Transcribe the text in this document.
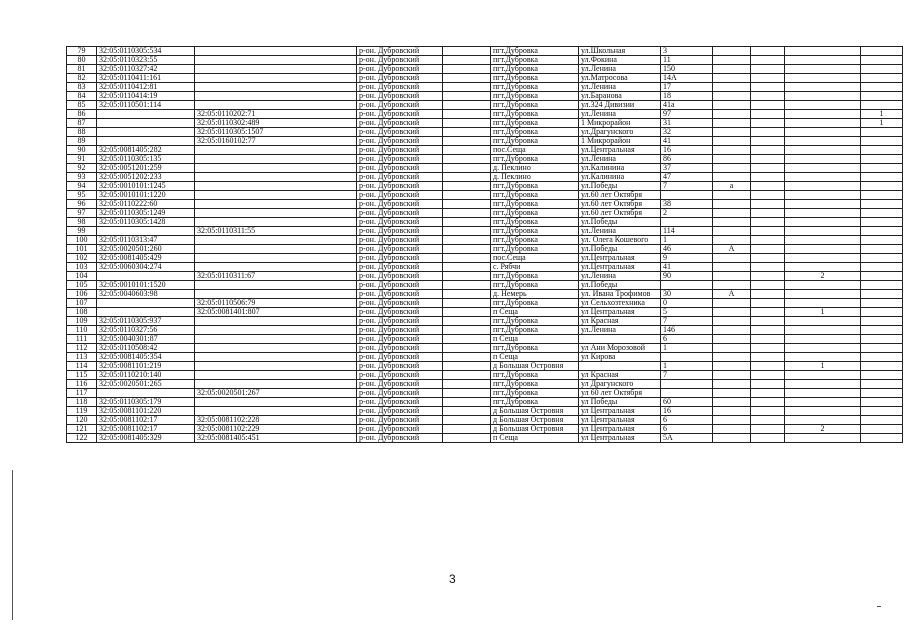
79	32:05:0110305:534		р-он. Дубровский		пгт.Дубровка	ул.Школьная	3				
80	32:05:0110323:55		р-он. Дубровский		пгт.Дубровка	ул.Фокина	11				
81	32:05:0110327:42		р-он. Дубровский		пгт.Дубровка	ул.Ленина	150				
82	32:05:0110411:161		р-он. Дубровский		пгт.Дубровка	ул.Матросова	14А				
83	32:05:0110412:81		р-он. Дубровский		пгт.Дубровка	ул.Ленина	17				
84	32:05:0110414:19		р-он. Дубровский		пгт.Дубровка	ул.Баранова	18				
85	32:05:0110501:114		р-он. Дубровский		пгт.Дубровка	ул.324 Дивизии	41а				
86		32:05:0110202:71	р-он. Дубровский		пгт.Дубровка	ул.Ленина	97				1
87		32:05:0110302:489	р-он. Дубровский		пгт.Дубровка	1 Микрорайон	31				1
88		32:05:0110305:1507	р-он. Дубровский		пгт.Дубровка	ул.Драгунского	32				
89		32:05:0160102:77	р-он. Дубровский		пгт.Дубровка	1 Микрорайон	41				
90	32:05:0081405:282		р-он. Дубровский		пос.Сеща	ул.Центральная	16				
91	32:05:0110305:135		р-он. Дубровский		пгт.Дубровка	ул.Ленина	86				
92	32:05:0051201:259		р-он. Дубровский		д. Пеклино	ул.Калинина	37				
93	32:05:0051202:233		р-он. Дубровский		д. Пеклино	ул.Калинина	47				
94	32:05:0010101:1245		р-он. Дубровский		пгт.Дубровка	ул.Победы	7	а			
95	32:05:0010101:1220		р-он. Дубровский		пгт.Дубровка	ул.60 лет Октября					
96	32:05:0110222:60		р-он. Дубровский		пгт.Дубровка	ул.60 лет Октября	38				
97	32:05:0110305:1249		р-он. Дубровский		пгт.Дубровка	ул.60 лет Октября	2				
98	32:05:0110305:1428		р-он. Дубровский		пгт.Дубровка	ул.Победы					
99		32:05:0110311:55	р-он. Дубровский		пгт.Дубровка	ул.Ленина	114				
100	32:05:0110313:47		р-он. Дубровский		пгт.Дубровка	ул. Олега Кошевого	1				
101	32:05:0020501:260		р-он. Дубровский		пгт.Дубровка	ул.Победы	46	А			
102	32:05:0081405:429		р-он. Дубровский		пос.Сеща	ул.Центральная	9				
103	32:05:0060304:274		р-он. Дубровский		с. Рябчи	ул.Центральная	41				
104		32:05:0110311:67	р-он. Дубровский		пгт.Дубровка	ул.Ленина	90			2	
105	32:05:0010101:1520		р-он. Дубровский		пгт.Дубровка	ул.Победы					
106	32:05:0040603:98		р-он. Дубровский		д. Немерь	ул. Ивана Трофимов	30	А			
107		32:05:0110506:79	р-он. Дубровский		пгт.Дубровка	ул Сельхозтехника	0				
108		32:05:0081401:807	р-он. Дубровский		п Сеща	ул Центральная	5			1	
109	32:05:0110305:937		р-он. Дубровский		пгт.Дубровка	ул Красная	7				
110	32:05:0110327:56		р-он. Дубровский		пгт.Дубровка	ул.Ленина	146				
111	32:05:0040301:87		р-он. Дубровский		п Сеща		6				
112	32:05:0110508:42		р-он. Дубровский		пгт.Дубровка	ул Ани Морозовой	1				
113	32:05:0081405:354		р-он. Дубровский		п Сеща	ул Кирова					
114	32:05:0081101:219		р-он. Дубровский		д Большая Островня		1			1	
115	32:05:0110210:140		р-он. Дубровский		пгт.Дубровка	ул Красная	7				
116	32:05:0020501:265		р-он. Дубровский		пгт.Дубровка	ул Драгунского					
117		32:05:0020501:267	р-он. Дубровский		пгт.Дубровка	ул 60 лет Октября					
118	32:05:0110305:179		р-он. Дубровский		пгт.Дубровка	ул Победы	60				
119	32:05:0081101:220		р-он. Дубровский		д Большая Островня	ул Центральная	16				
120	32:05:0081102:17	32:05:0081102:228	р-он. Дубровский		д Большая Островня	ул Центральная	6				
121	32:05:0081102:17	32:05:0081102:229	р-он. Дубровский		д Большая Островня	ул Центральная	6			2	
122	32:05:0081405:329	32:05:0081405:451	р-он. Дубровский		п Сеща	ул Центральная	5А				
3
